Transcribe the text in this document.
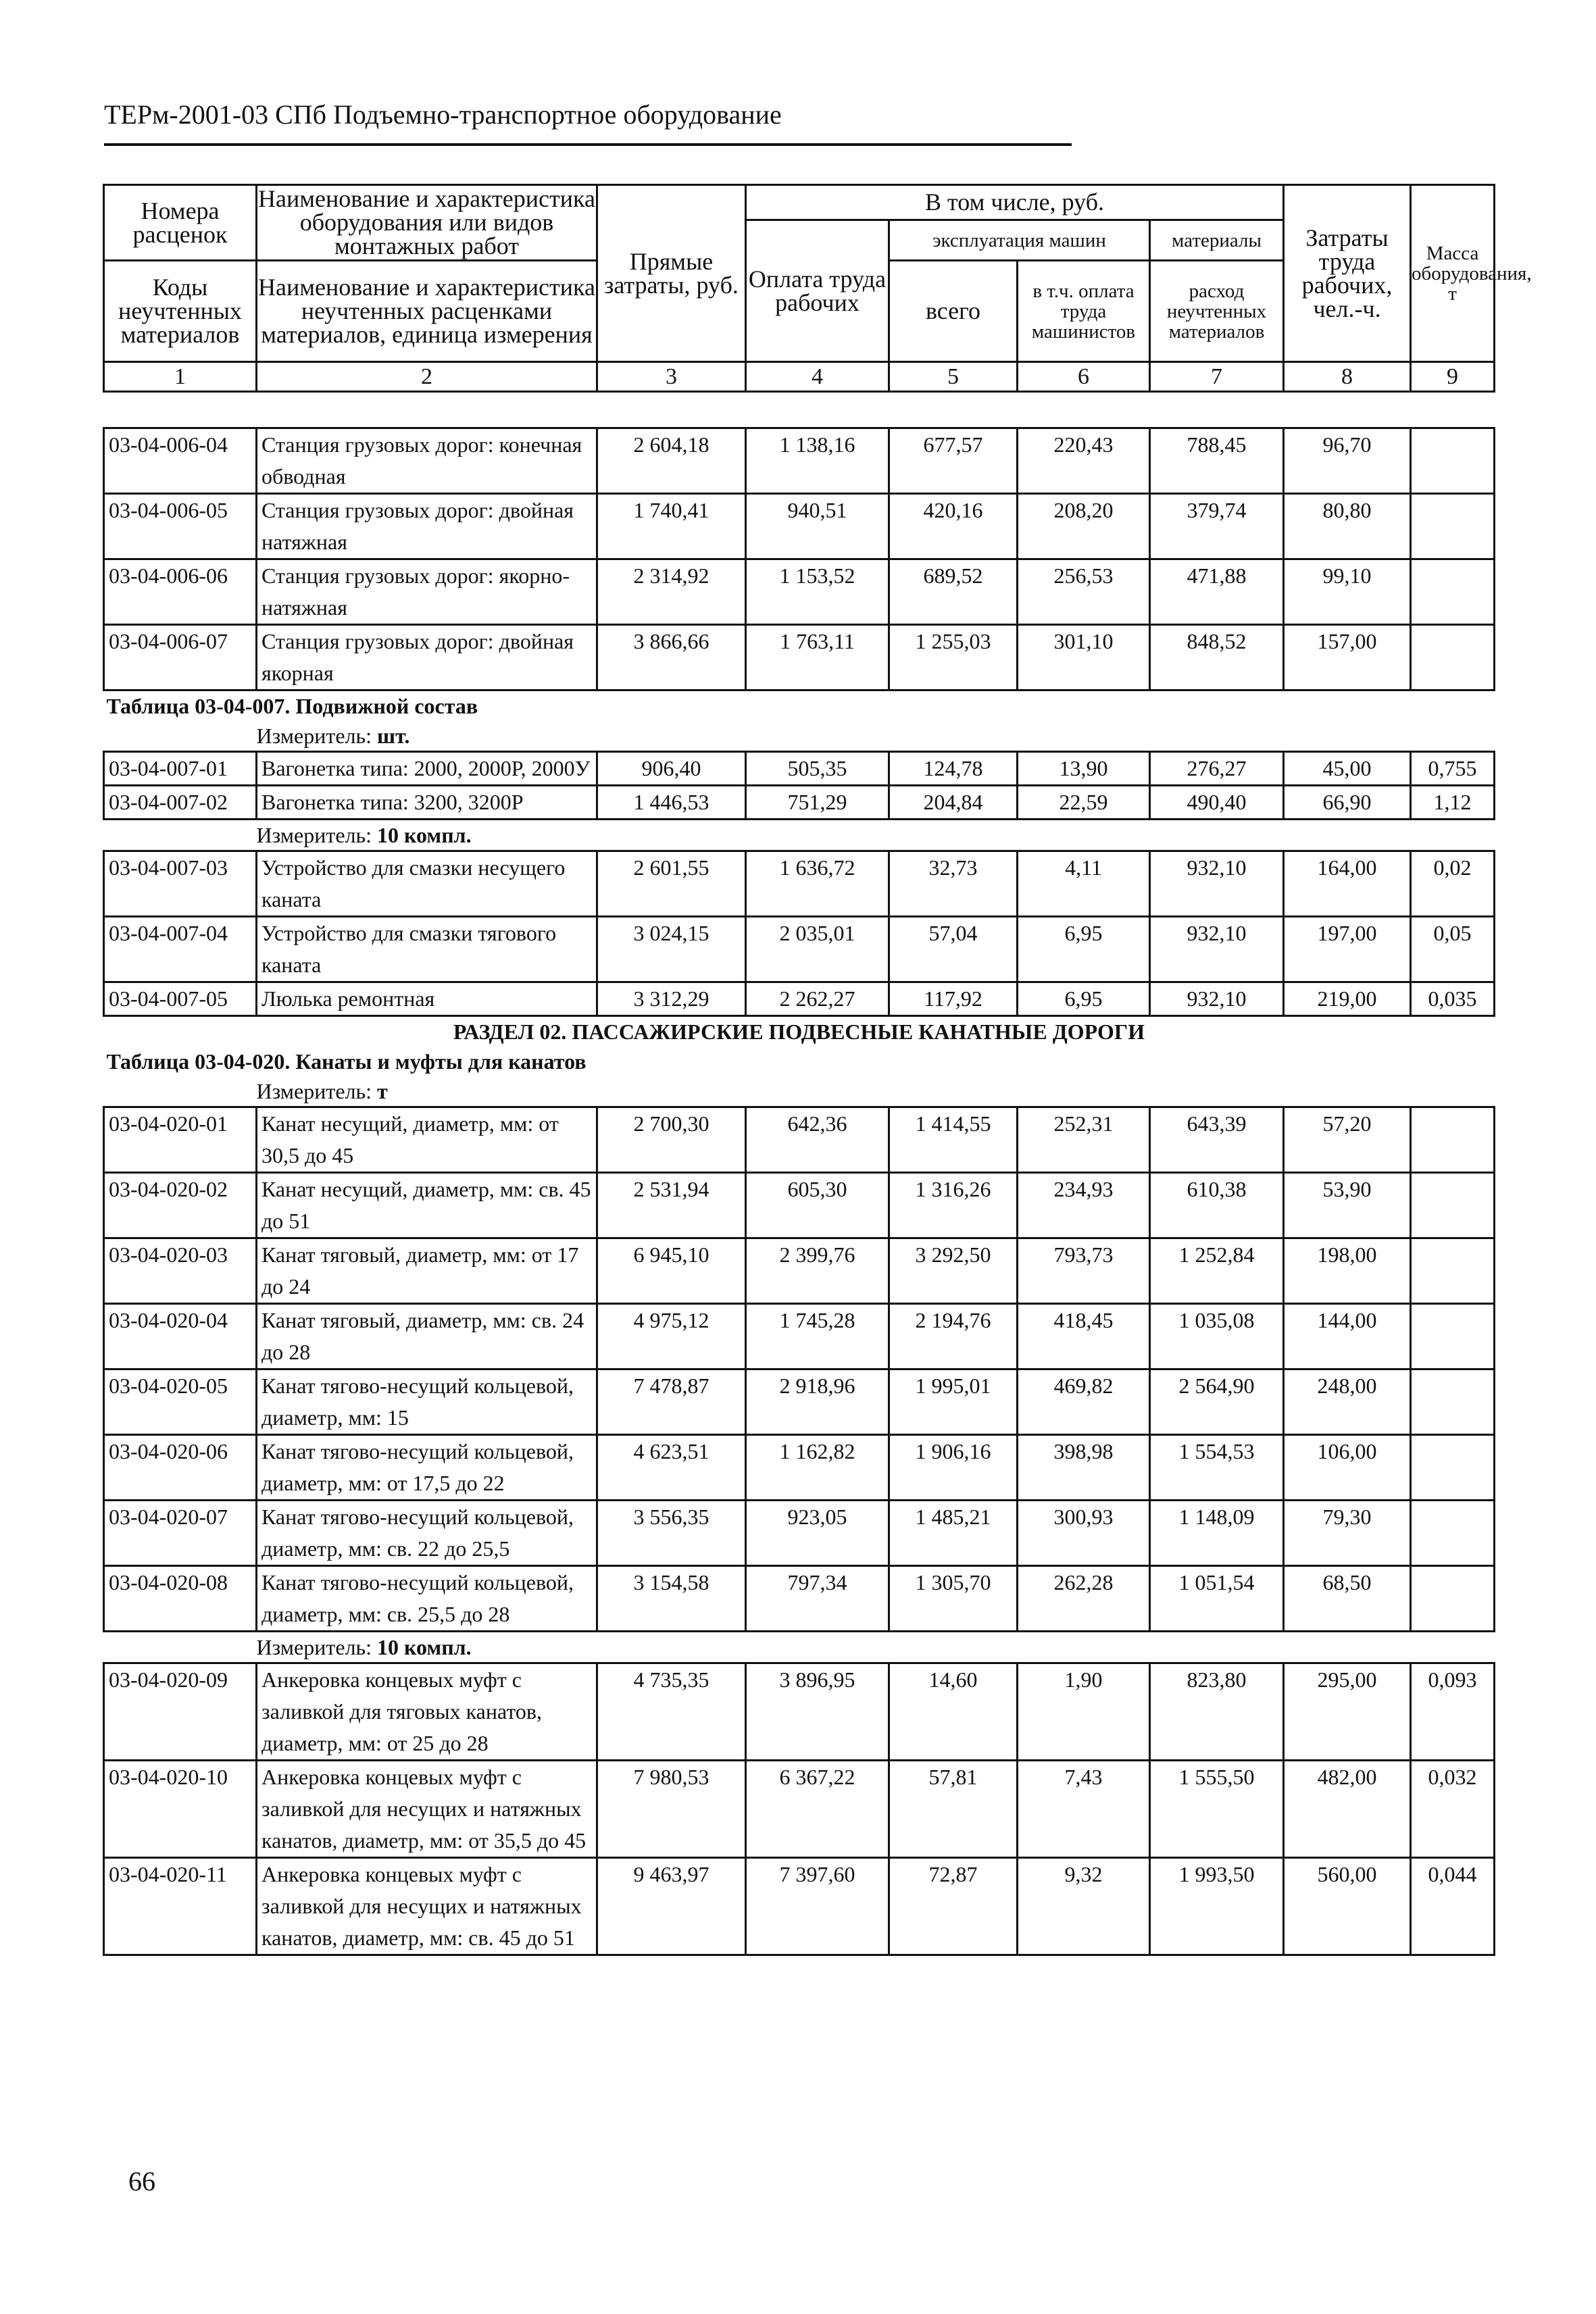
ТЕРм-2001-03 СПб Подъемно-транспортное оборудование
Номера расценок	Наименование и характеристика оборудования или видов монтажных работ	Прямые затраты, руб.	В том числе, руб.				Затраты труда рабочих, чел.-ч.	Масса оборудования, т
			Оплата труда рабочих	эксплуатация машин		материалы		
Коды неучтенных материалов	Наименование и характеристика неучтенных расценками материалов, единица измерения			всего	в т.ч. оплата труда машинистов	расход неучтенных материалов		

1	2	3	4	5	6	7	8	9
03-04-006-04	Станция грузовых дорог: конечная обводная	2 604,18	1 138,16	677,57	220,43	788,45	96,70	
03-04-006-05	Станция грузовых дорог: двойная натяжная	1 740,41	940,51	420,16	208,20	379,74	80,80	
03-04-006-06	Станция грузовых дорог: якорно-натяжная	2 314,92	1 153,52	689,52	256,53	471,88	99,10	
03-04-006-07	Станция грузовых дорог: двойная якорная	3 866,66	1 763,11	1 255,03	301,10	848,52	157,00	
Таблица 03-04-007. Подвижной состав								
Измеритель: шт.								
03-04-007-01	Вагонетка типа: 2000, 2000Р, 2000У	906,40	505,35	124,78	13,90	276,27	45,00	0,755
03-04-007-02	Вагонетка типа: 3200, 3200Р	1 446,53	751,29	204,84	22,59	490,40	66,90	1,12
Измеритель: 10 компл.								
03-04-007-03	Устройство для смазки несущего каната	2 601,55	1 636,72	32,73	4,11	932,10	164,00	0,02
03-04-007-04	Устройство для смазки тягового каната	3 024,15	2 035,01	57,04	6,95	932,10	197,00	0,05
03-04-007-05	Люлька ремонтная	3 312,29	2 262,27	117,92	6,95	932,10	219,00	0,035
РАЗДЕЛ 02. ПАССАЖИРСКИЕ ПОДВЕСНЫЕ КАНАТНЫЕ ДОРОГИ								
Таблица 03-04-020. Канаты и муфты для канатов								
Измеритель: т								
03-04-020-01	Канат несущий, диаметр, мм: от 30,5 до 45	2 700,30	642,36	1 414,55	252,31	643,39	57,20	
03-04-020-02	Канат несущий, диаметр, мм: св. 45 до 51	2 531,94	605,30	1 316,26	234,93	610,38	53,90	
03-04-020-03	Канат тяговый, диаметр, мм: от 17 до 24	6 945,10	2 399,76	3 292,50	793,73	1 252,84	198,00	
03-04-020-04	Канат тяговый, диаметр, мм: св. 24 до 28	4 975,12	1 745,28	2 194,76	418,45	1 035,08	144,00	
03-04-020-05	Канат тягово-несущий кольцевой, диаметр, мм: 15	7 478,87	2 918,96	1 995,01	469,82	2 564,90	248,00	
03-04-020-06	Канат тягово-несущий кольцевой, диаметр, мм: от 17,5 до 22	4 623,51	1 162,82	1 906,16	398,98	1 554,53	106,00	
03-04-020-07	Канат тягово-несущий кольцевой, диаметр, мм: св. 22 до 25,5	3 556,35	923,05	1 485,21	300,93	1 148,09	79,30	
03-04-020-08	Канат тягово-несущий кольцевой, диаметр, мм: св. 25,5 до 28	3 154,58	797,34	1 305,70	262,28	1 051,54	68,50	
Измеритель: 10 компл.								
03-04-020-09	Анкеровка концевых муфт с заливкой для тяговых канатов, диаметр, мм: от 25 до 28	4 735,35	3 896,95	14,60	1,90	823,80	295,00	0,093
03-04-020-10	Анкеровка концевых муфт с заливкой для несущих и натяжных канатов, диаметр, мм: от 35,5 до 45	7 980,53	6 367,22	57,81	7,43	1 555,50	482,00	0,032
03-04-020-11	Анкеровка концевых муфт с заливкой для несущих и натяжных канатов, диаметр, мм: св. 45 до 51	9 463,97	7 397,60	72,87	9,32	1 993,50	560,00	0,044
66
